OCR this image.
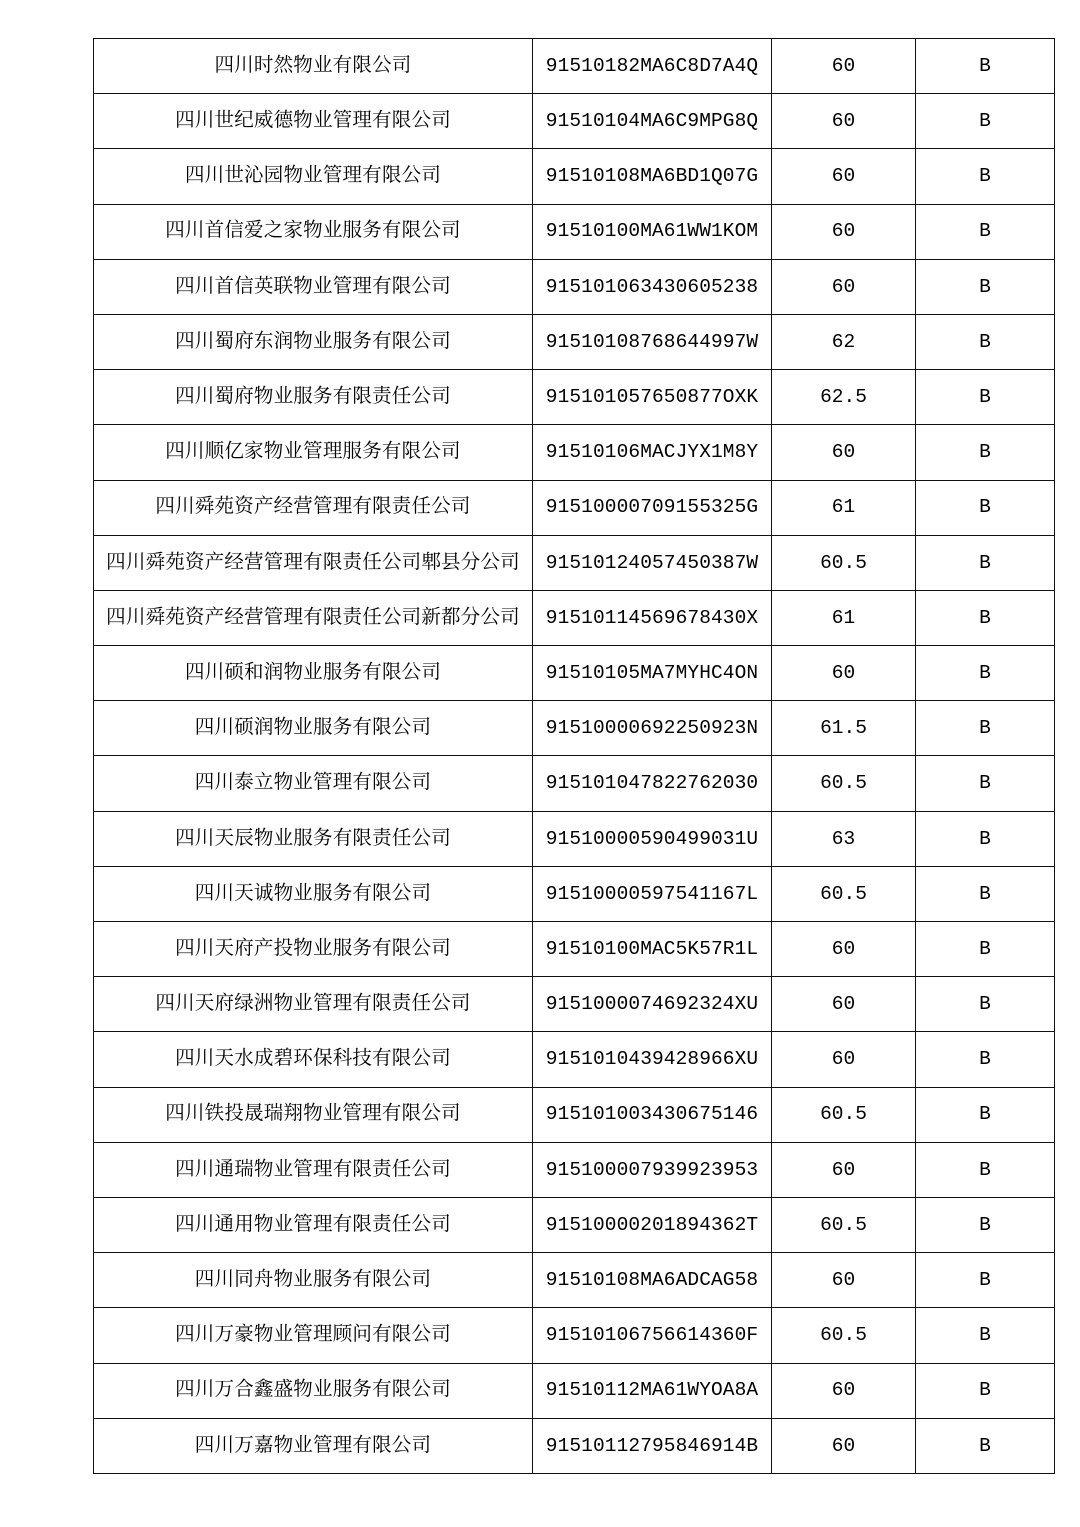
四川时然物业有限公司	91510182MA6C8D7A4Q	60	B
四川世纪威德物业管理有限公司	91510104MA6C9MPG8Q	60	B
四川世沁园物业管理有限公司	91510108MA6BD1Q07G	60	B
四川首信爱之家物业服务有限公司	91510100MA61WW1KOM	60	B
四川首信英联物业管理有限公司	915101063430605238	60	B
四川蜀府东润物业服务有限公司	91510108768644997W	62	B
四川蜀府物业服务有限责任公司	915101057650877OXK	62.5	B
四川顺亿家物业管理服务有限公司	91510106MACJYX1M8Y	60	B
四川舜苑资产经营管理有限责任公司	91510000709155325G	61	B
四川舜苑资产经营管理有限责任公司郫县分公司	91510124057450387W	60.5	B
四川舜苑资产经营管理有限责任公司新都分公司	91510114569678430X	61	B
四川硕和润物业服务有限公司	91510105MA7MYHC4ON	60	B
四川硕润物业服务有限公司	91510000692250923N	61.5	B
四川泰立物业管理有限公司	915101047822762030	60.5	B
四川天辰物业服务有限责任公司	91510000590499031U	63	B
四川天诚物业服务有限公司	91510000597541167L	60.5	B
四川天府产投物业服务有限公司	91510100MAC5K57R1L	60	B
四川天府绿洲物业管理有限责任公司	9151000074692324XU	60	B
四川天水成碧环保科技有限公司	9151010439428966XU	60	B
四川铁投晟瑞翔物业管理有限公司	915101003430675146	60.5	B
四川通瑞物业管理有限责任公司	915100007939923953	60	B
四川通用物业管理有限责任公司	91510000201894362T	60.5	B
四川同舟物业服务有限公司	91510108MA6ADCAG58	60	B
四川万豪物业管理顾问有限公司	91510106756614360F	60.5	B
四川万合鑫盛物业服务有限公司	91510112MA61WYOA8A	60	B
四川万嘉物业管理有限公司	91510112795846914B	60	B
